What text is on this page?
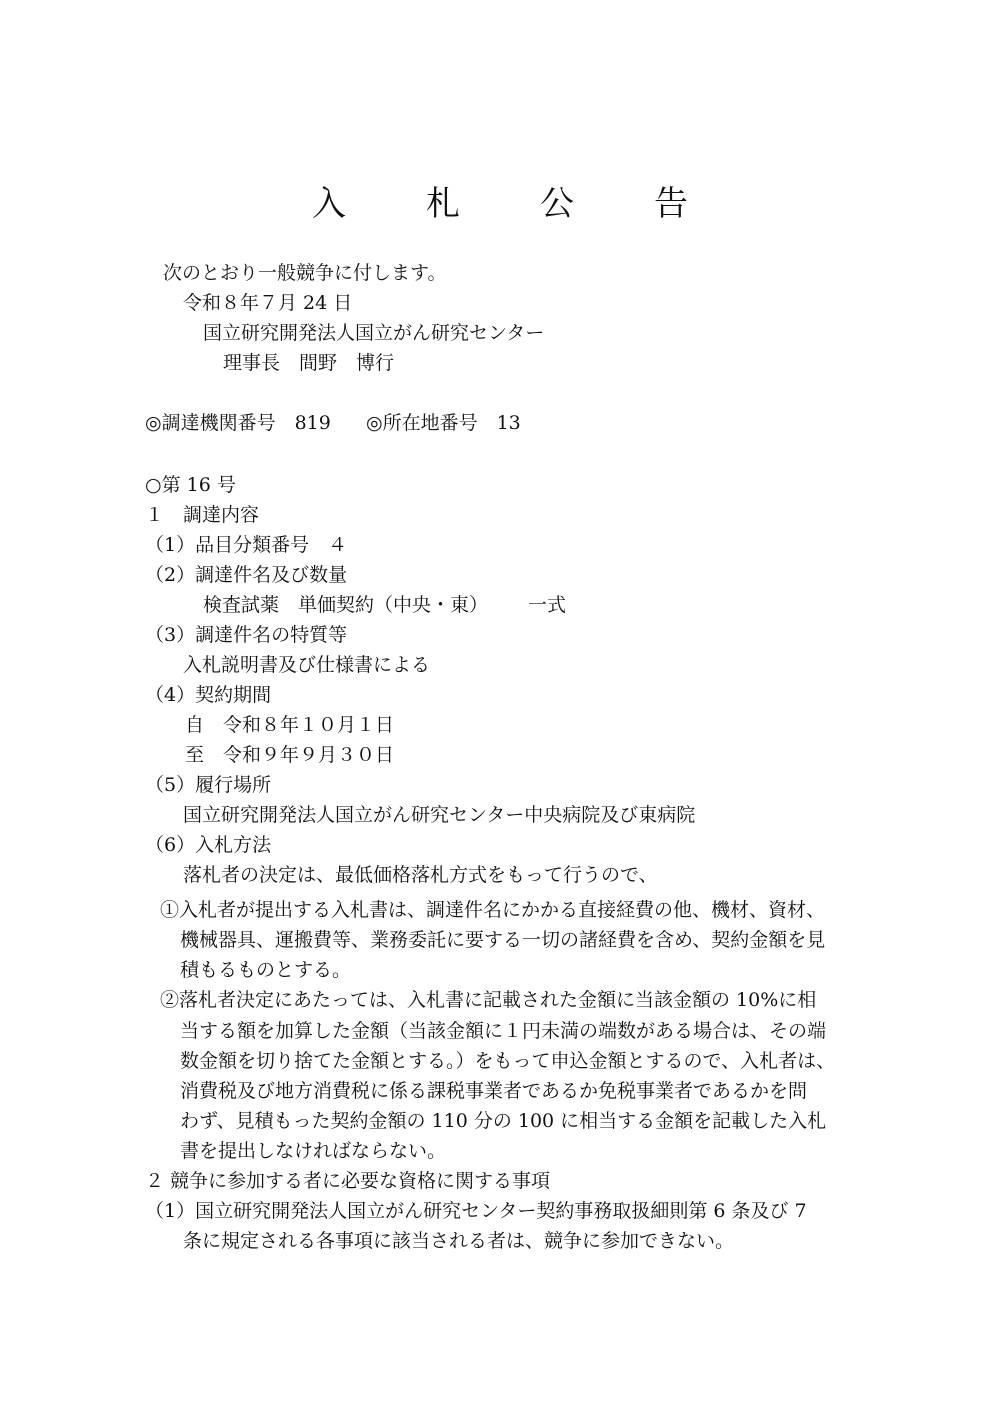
入 札 公 告
次のとおり一般競争に付します。
令和８年７月 24 日
国立研究開発法人国立がん研究センター
理事長　間野　博行
◎調達機関番号　819 ◎所在地番号　13
○第 16 号
１　調達内容
（1）品目分類番号　４
（2）調達件名及び数量
検査試薬　単価契約（中央・東） 一式
（3）調達件名の特質等
入札説明書及び仕様書による
（4）契約期間
自　令和８年１０月１日
至　令和９年９月３０日
（5）履行場所
国立研究開発法人国立がん研究センター中央病院及び東病院
（6）入札方法
落札者の決定は、最低価格落札方式をもって行うので、
①入札者が提出する入札書は、調達件名にかかる直接経費の他、機材、資材、
機械器具、運搬費等、業務委託に要する一切の諸経費を含め、契約金額を見
積もるものとする。
②落札者決定にあたっては、入札書に記載された金額に当該金額の 10%に相
当する額を加算した金額（当該金額に１円未満の端数がある場合は、その端
数金額を切り捨てた金額とする。）をもって申込金額とするので、入札者は、
消費税及び地方消費税に係る課税事業者であるか免税事業者であるかを問
わず、見積もった契約金額の 110 分の 100 に相当する金額を記載した入札
書を提出しなければならない。
２ 競争に参加する者に必要な資格に関する事項
（1）国立研究開発法人国立がん研究センター契約事務取扱細則第 6 条及び 7
条に規定される各事項に該当される者は、競争に参加できない。
